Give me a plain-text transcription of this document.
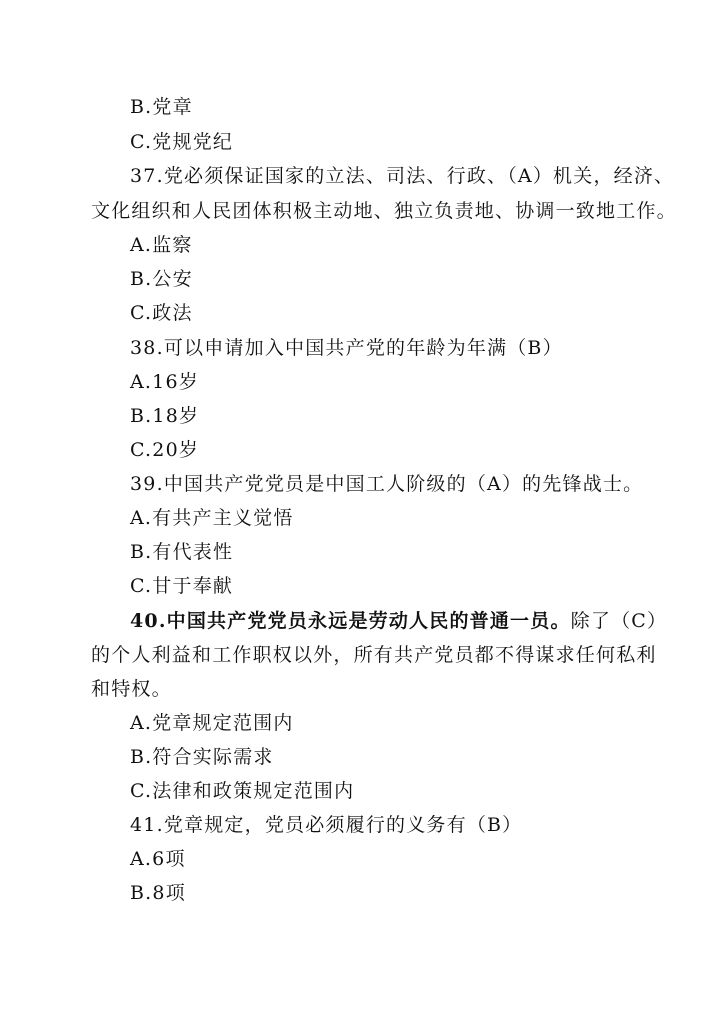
B.党章
C.党规党纪
37.党必须保证国家的立法、司法、行政、（A）机关，经济、
文化组织和人民团体积极主动地、独立负责地、协调一致地工作。
A.监察
B.公安
C.政法
38.可以申请加入中国共产党的年龄为年满（B）
A.16岁
B.18岁
C.20岁
39.中国共产党党员是中国工人阶级的（A）的先锋战士。
A.有共产主义觉悟
B.有代表性
C.甘于奉献
40.中国共产党党员永远是劳动人民的普通一员。除了（C）
的个人利益和工作职权以外，所有共产党员都不得谋求任何私利
和特权。
A.党章规定范围内
B.符合实际需求
C.法律和政策规定范围内
41.党章规定，党员必须履行的义务有（B）
A.6项
B.8项
